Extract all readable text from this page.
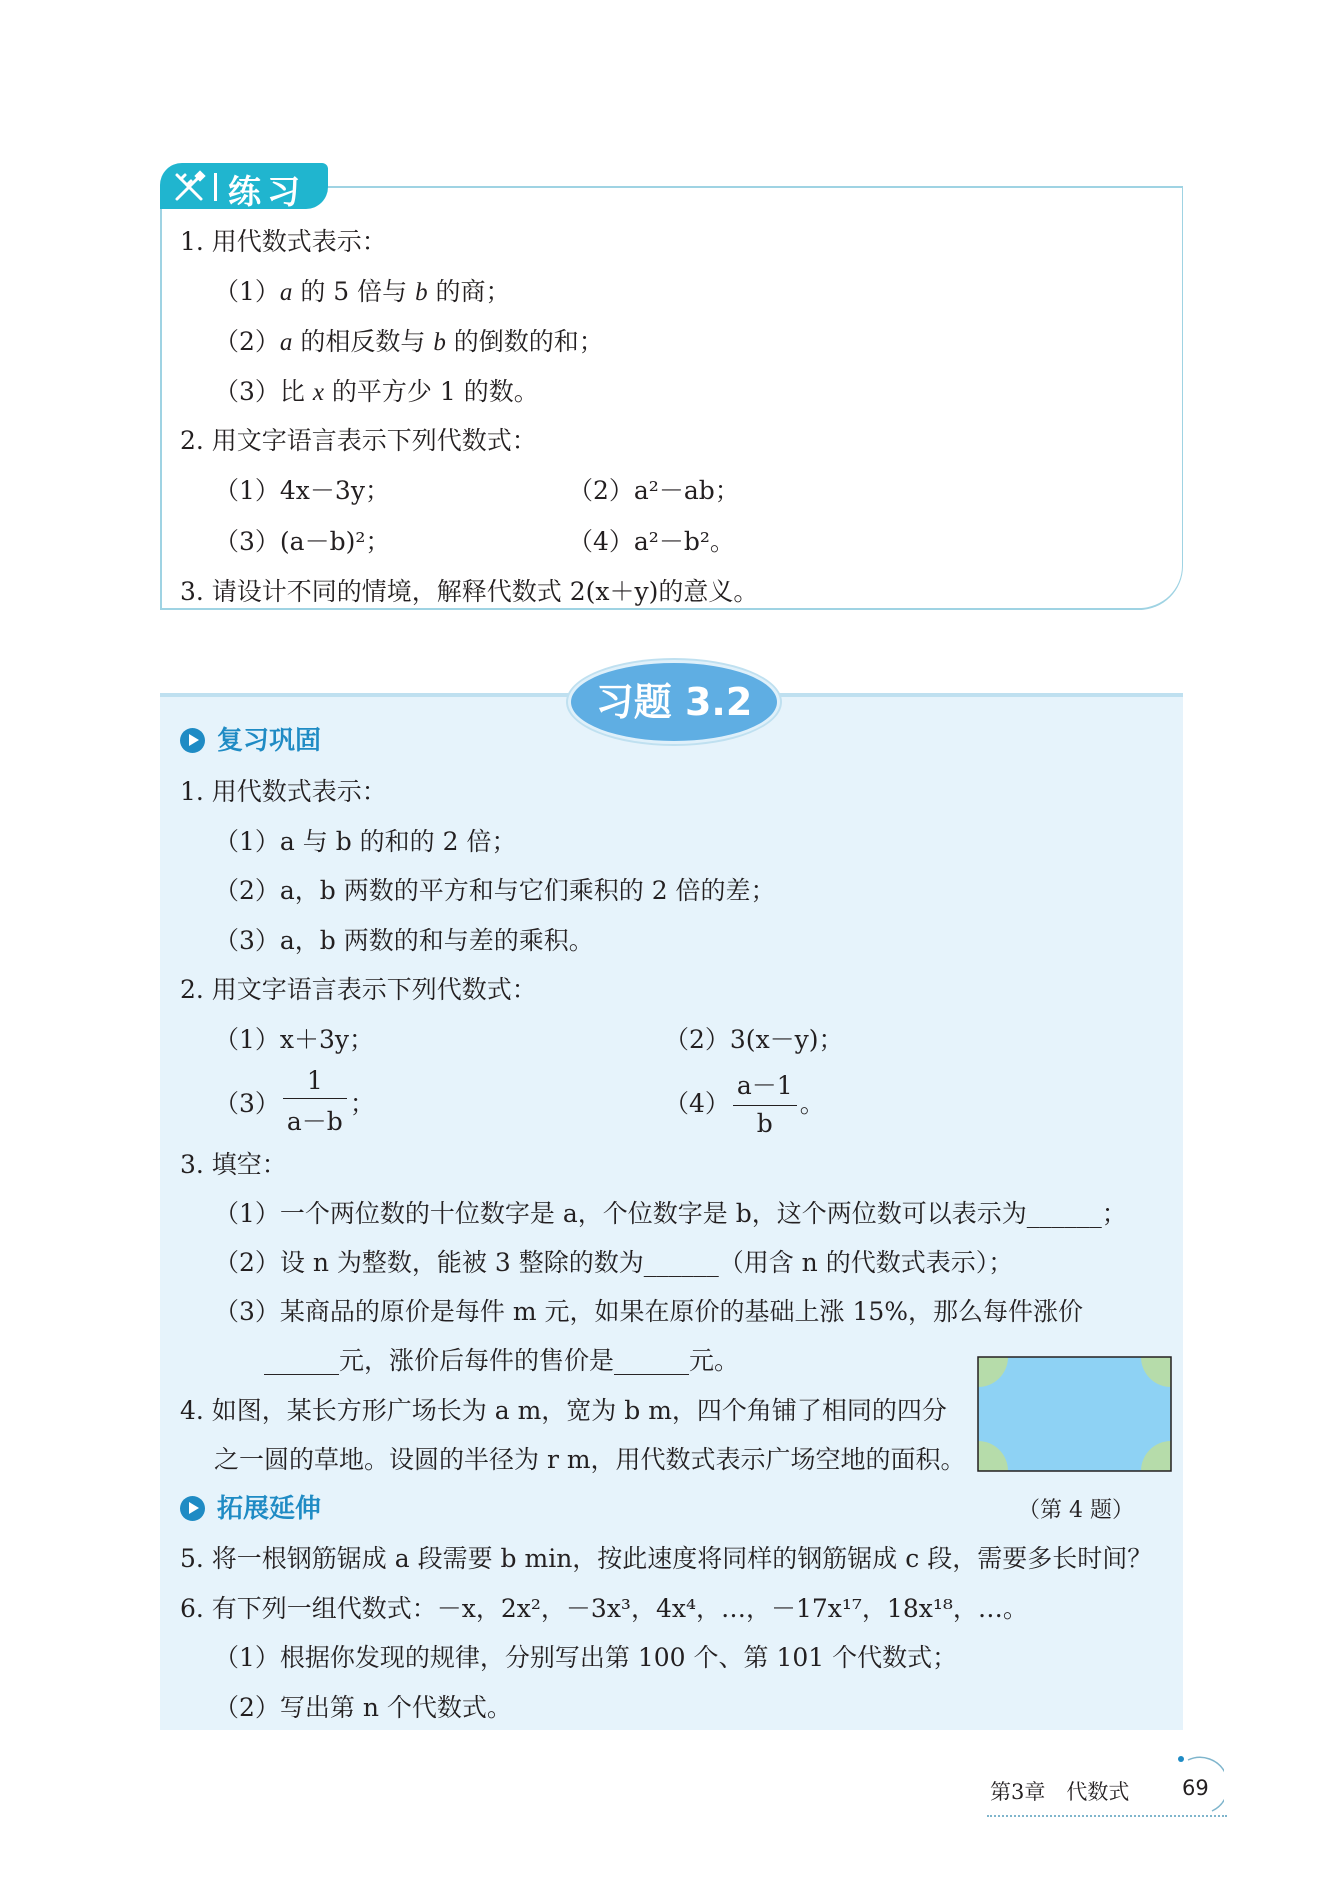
练习
1. 用代数式表示：
（1）a 的 5 倍与 b 的商；
（2）a 的相反数与 b 的倒数的和；
（3）比 x 的平方少 1 的数。
2. 用文字语言表示下列代数式：
（1）4x－3y；	（2）a²－ab；
（3）(a－b)²；	（4）a²－b²。
3. 请设计不同的情境，解释代数式 2(x＋y)的意义。
习题 3.2
复习巩固
1. 用代数式表示：
（1）a 与 b 的和的 2 倍；
（2）a，b 两数的平方和与它们乘积的 2 倍的差；
（3）a，b 两数的和与差的乘积。
2. 用文字语言表示下列代数式：
（1）x＋3y；	（2）3(x－y)；
$(3) \frac{1}{a-b}$ ；	$(4) \frac{a-1}{b}$ 。
3. 填空：
（1）一个两位数的十位数字是 a，个位数字是 b，这个两位数可以表示为______；
（2）设 n 为整数，能被 3 整除的数为______（用含 n 的代数式表示）；
（3）某商品的原价是每件 m 元，如果在原价的基础上涨 15%，那么每件涨价
______元，涨价后每件的售价是______元。
4. 如图，某长方形广场长为 a m，宽为 b m，四个角铺了相同的四分
之一圆的草地。设圆的半径为 r m，用代数式表示广场空地的面积。
拓展延伸	（第 4 题）
5. 将一根钢筋锯成 a 段需要 b min，按此速度将同样的钢筋锯成 c 段，需要多长时间？
6. 有下列一组代数式：－x，2x²，－3x³，4x⁴，…，－17x¹⁷，18x¹⁸，…。
（1）根据你发现的规律，分别写出第 100 个、第 101 个代数式；
（2）写出第 n 个代数式。
第3章　代数式	69
